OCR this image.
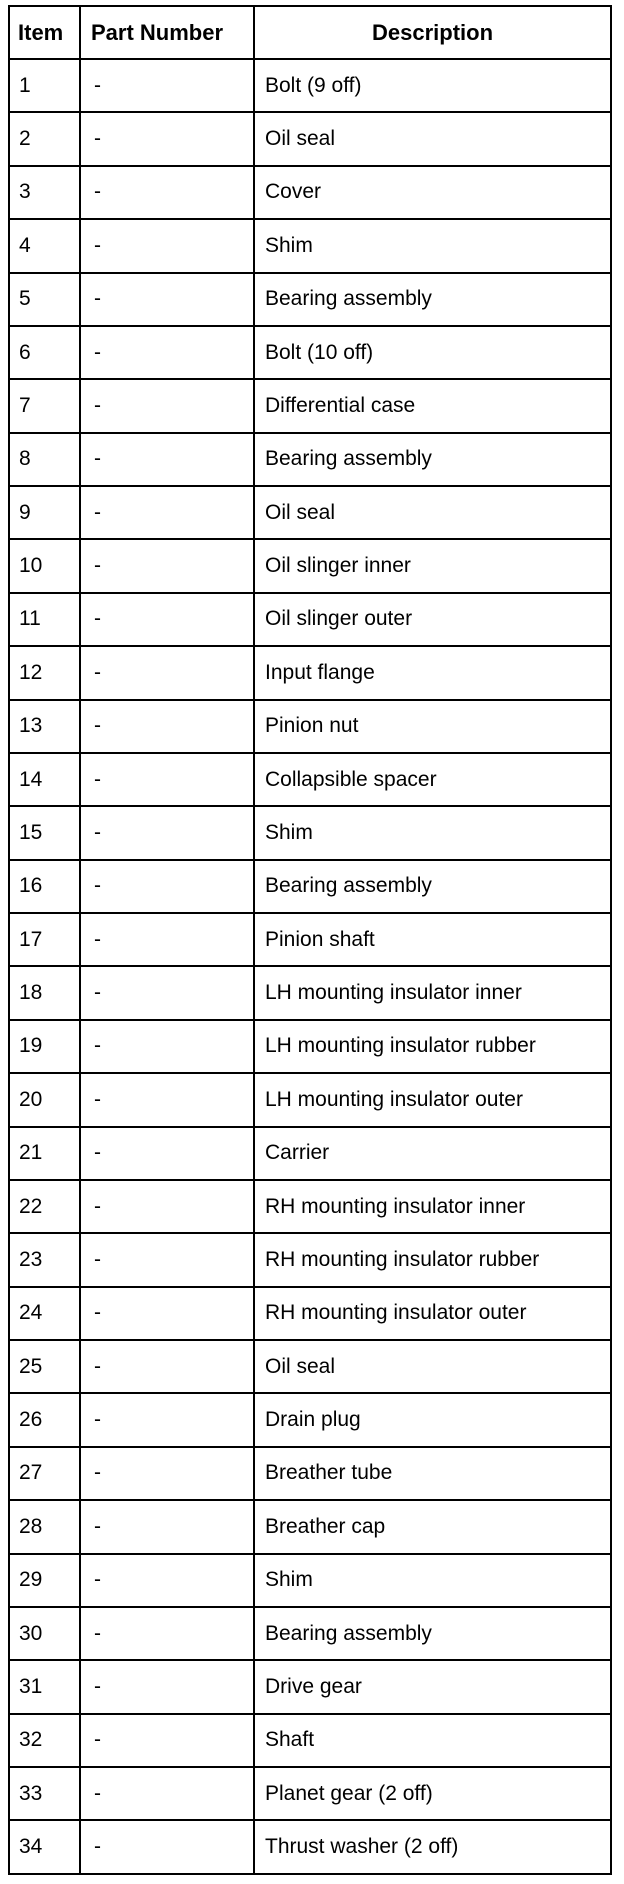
Item	Part Number	Description
1	-	Bolt (9 off)
2	-	Oil seal
3	-	Cover
4	-	Shim
5	-	Bearing assembly
6	-	Bolt (10 off)
7	-	Differential case
8	-	Bearing assembly
9	-	Oil seal
10	-	Oil slinger inner
11	-	Oil slinger outer
12	-	Input flange
13	-	Pinion nut
14	-	Collapsible spacer
15	-	Shim
16	-	Bearing assembly
17	-	Pinion shaft
18	-	LH mounting insulator inner
19	-	LH mounting insulator rubber
20	-	LH mounting insulator outer
21	-	Carrier
22	-	RH mounting insulator inner
23	-	RH mounting insulator rubber
24	-	RH mounting insulator outer
25	-	Oil seal
26	-	Drain plug
27	-	Breather tube
28	-	Breather cap
29	-	Shim
30	-	Bearing assembly
31	-	Drive gear
32	-	Shaft
33	-	Planet gear (2 off)
34	-	Thrust washer (2 off)
